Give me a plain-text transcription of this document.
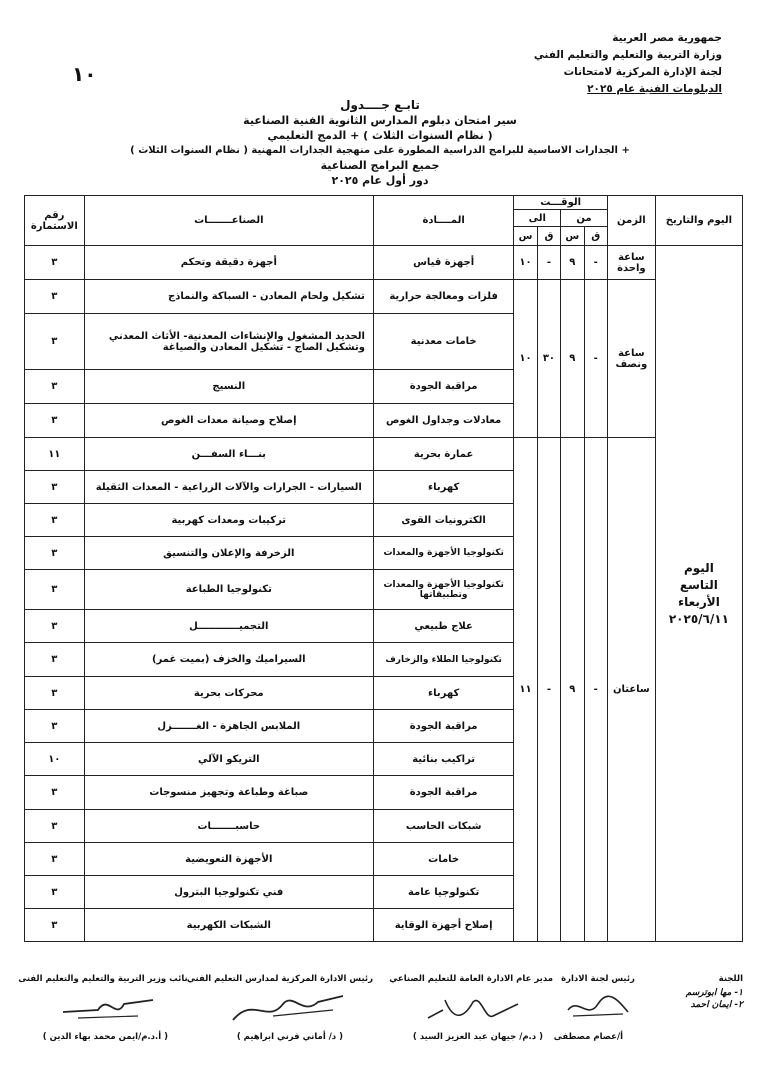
جمهورية مصر العربية
وزارة التربية والتعليم والتعليم الفني
لجنة الإدارة المركزية لامتحانات
الدبلومات الفنية عام ٢٠٢٥
١٠
تابـع جــــدول
سير امتحان دبلوم المدارس الثانوية الفنية الصناعية
( نظام السنوات الثلاث ) + الدمج التعليمي
+ الجدارات الاساسية للبرامج الدراسية المطورة على منهجية الجدارات المهنية ( نظام السنوات الثلاث )
جميع البرامج الصناعية
دور أول عام ٢٠٢٥
اليوم والتاريخ	الزمن	الوقـــت				المــــادة	الصناعـــــــات	رقم الاستمارة
		من		الى				
		ق	س	ق	س			

اليوم
التاسع
الأربعاء
٢٠٢٥/٦/١١	ساعة واحدة	-	٩	-	١٠	أجهزة قياس	أجهزة دقيقة وتحكم	٣
	ساعة ونصف	-	٩	٣٠	١٠	فلزات ومعالجة حرارية	تشكيل ولحام المعادن - السباكة والنماذج	٣
						خامات معدنية	الحديد المشغول والإنشاءات المعدنية- الأثاث المعدني وتشكيل الصاج - تشكيل المعادن والصياغة	٣
						مراقبة الجودة	النسيج	٣
						معادلات وجداول الغوص	إصلاح وصيانة معدات الغوص	٣
	ساعتان	-	٩	-	١١	عمارة بحرية	بنـــاء السفـــن	١١
						كهرباء	السيارات - الجرارات والآلات الزراعية - المعدات الثقيلة	٣
						الكترونيات القوى	تركيبات ومعدات كهربية	٣
						تكنولوجيا الأجهزة والمعدات	الزخرفة والإعلان والتنسيق	٣
						تكنولوجيا الأجهزة والمعدات وتطبيقاتها	تكنولوجيا الطباعة	٣
						علاج طبيعي	التجميــــــــــــل	٣
						تكنولوجيا الطلاء والزخارف	السيراميك والخزف (بميت غمر)	٣
						كهرباء	محركات بحرية	٣
						مراقبة الجودة	الملابس الجاهزة - الغـــــــزل	٣
						تراكيب بنائية	التريكو الآلي	١٠
						مراقبة الجودة	صباغة وطباعة وتجهيز منسوجات	٣
						شبكات الحاسب	حاسبـــــــات	٣
						خامات	الأجهزة التعويضية	٣
						تكنولوجيا عامة	فني تكنولوجيا البترول	٣
						إصلاح أجهزة الوقاية	الشبكات الكهربية	٣
اللجنة
١- مها ابوترسم
٢- ايمان احمد
رئيس لجنة الادارة
أ/عصام مصطفى
مدير عام الادارة العامة للتعليم الصناعي
( د.م/ جيهان عبد العزيز السيد )
رئيس الادارة المركزية لمدارس التعليم الفني
( د/ أماني قرني ابراهيم )
نائب وزير التربية والتعليم والتعليم الفنى
( أ.د.م/ايمن محمد بهاء الدين )
